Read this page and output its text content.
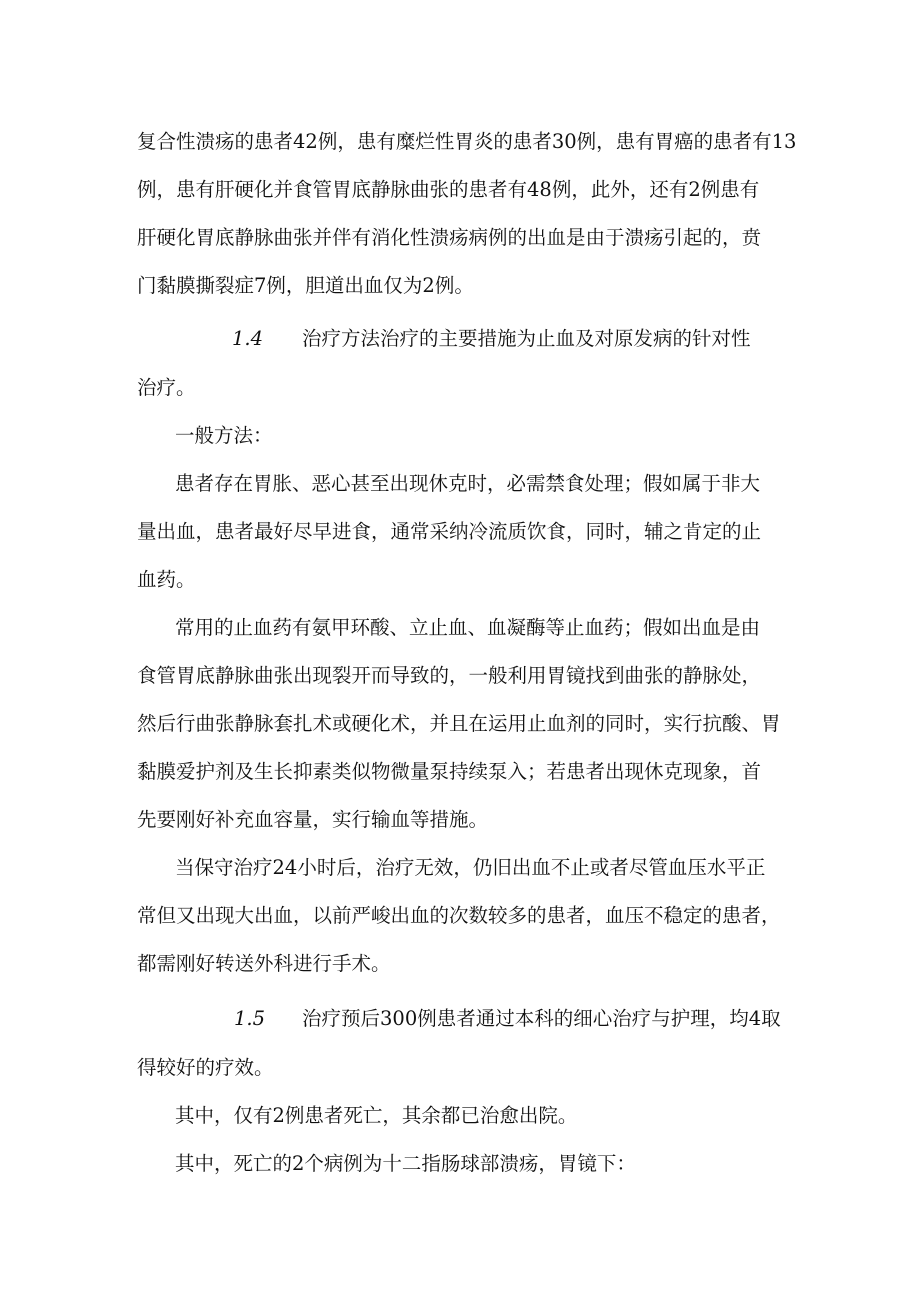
复合性溃疡的患者42例，患有糜烂性胃炎的患者30例，患有胃癌的患者有13
例，患有肝硬化并食管胃底静脉曲张的患者有48例，此外，还有2例患有
肝硬化胃底静脉曲张并伴有消化性溃疡病例的出血是由于溃疡引起的，贲
门黏膜撕裂症7例，胆道出血仅为2例。
1.4 治疗方法治疗的主要措施为止血及对原发病的针对性
治疗。
一般方法：
患者存在胃胀、恶心甚至出现休克时，必需禁食处理；假如属于非大
量出血，患者最好尽早进食，通常采纳冷流质饮食，同时，辅之肯定的止
血药。
常用的止血药有氨甲环酸、立止血、血凝酶等止血药；假如出血是由
食管胃底静脉曲张出现裂开而导致的，一般利用胃镜找到曲张的静脉处，
然后行曲张静脉套扎术或硬化术，并且在运用止血剂的同时，实行抗酸、胃
黏膜爱护剂及生长抑素类似物微量泵持续泵入；若患者出现休克现象，首
先要刚好补充血容量，实行输血等措施。
当保守治疗24小时后，治疗无效，仍旧出血不止或者尽管血压水平正
常但又出现大出血，以前严峻出血的次数较多的患者，血压不稳定的患者，
都需刚好转送外科进行手术。
1.5 治疗预后300例患者通过本科的细心治疗与护理，均4取
得较好的疗效。
其中，仅有2例患者死亡，其余都已治愈出院。
其中，死亡的2个病例为十二指肠球部溃疡，胃镜下：
